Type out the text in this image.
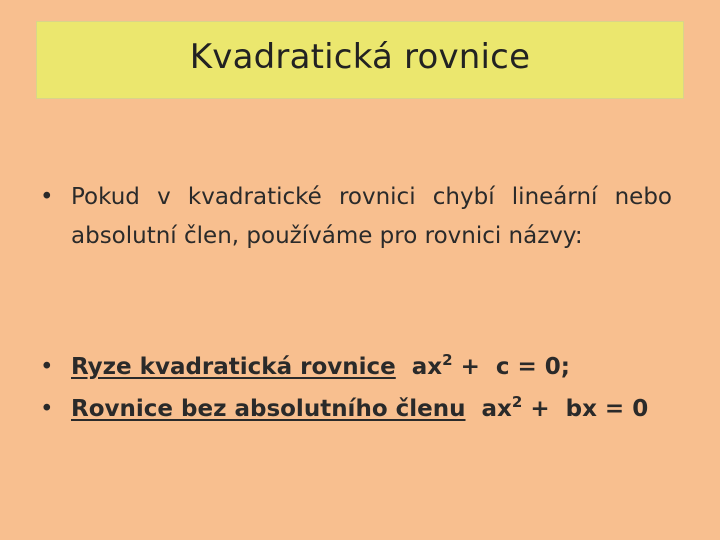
Kvadratická rovnice
• Pokud v kvadratické rovnici chybí lineární nebo absolutní člen, používáme pro rovnici názvy:
• Ryze kvadratická rovnice $ax^2 + c = 0$;
• Rovnice bez absolutního členu $ax^2$ +  bx = 0
